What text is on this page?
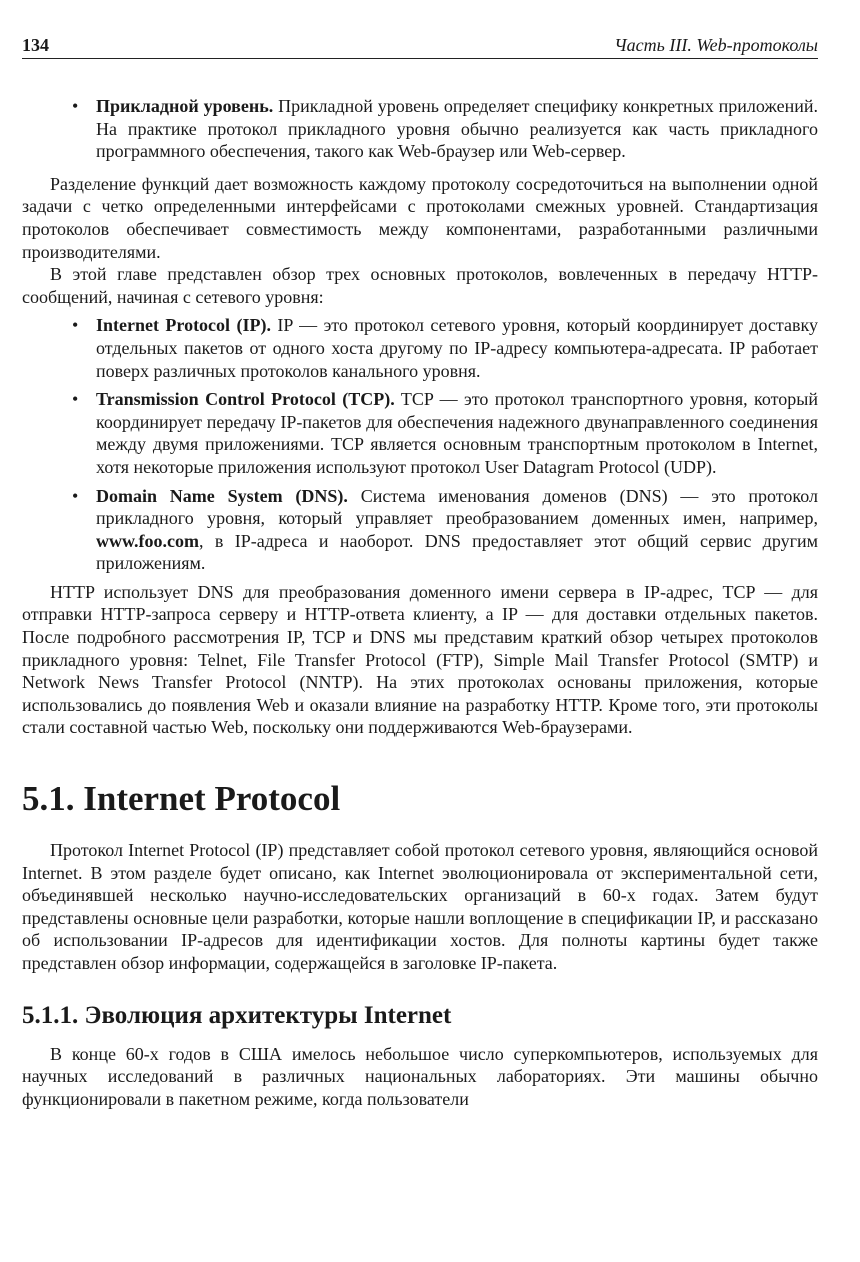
134	Часть III. Web-протоколы
• Прикладной уровень. Прикладной уровень определяет специфику конкретных приложений. На практике протокол прикладного уровня обычно реализуется как часть прикладного программного обеспечения, такого как Web-браузер или Web-сервер.

Разделение функций дает возможность каждому протоколу сосредоточиться на выполнении одной задачи с четко определенными интерфейсами с протоколами смежных уровней. Стандартизация протоколов обеспечивает совместимость между компонентами, разработанными различными производителями.

В этой главе представлен обзор трех основных протоколов, вовлеченных в передачу HTTP-сообщений, начиная с сетевого уровня:

• Internet Protocol (IP). IP — это протокол сетевого уровня, который координирует доставку отдельных пакетов от одного хоста другому по IP-адресу компьютера-адресата. IP работает поверх различных протоколов канального уровня.
• Transmission Control Protocol (TCP). TCP — это протокол транспортного уровня, который координирует передачу IP-пакетов для обеспечения надежного двунаправленного соединения между двумя приложениями. TCP является основным транспортным протоколом в Internet, хотя некоторые приложения используют протокол User Datagram Protocol (UDP).
• Domain Name System (DNS). Система именования доменов (DNS) — это протокол прикладного уровня, который управляет преобразованием доменных имен, например, www.foo.com, в IP-адреса и наоборот. DNS предоставляет этот общий сервис другим приложениям.

HTTP использует DNS для преобразования доменного имени сервера в IP-адрес, TCP — для отправки HTTP-запроса серверу и HTTP-ответа клиенту, а IP — для доставки отдельных пакетов. После подробного рассмотрения IP, TCP и DNS мы представим краткий обзор четырех протоколов прикладного уровня: Telnet, File Transfer Protocol (FTP), Simple Mail Transfer Protocol (SMTP) и Network News Transfer Protocol (NNTP). На этих протоколах основаны приложения, которые использовались до появления Web и оказали влияние на разработку HTTP. Кроме того, эти протоколы стали составной частью Web, поскольку они поддерживаются Web-браузерами.

5.1. Internet Protocol

Протокол Internet Protocol (IP) представляет собой протокол сетевого уровня, являющийся основой Internet. В этом разделе будет описано, как Internet эволюционировала от экспериментальной сети, объединявшей несколько научно-исследовательских организаций в 60-х годах. Затем будут представлены основные цели разработки, которые нашли воплощение в спецификации IP, и рассказано об использовании IP-адресов для идентификации хостов. Для полноты картины будет также представлен обзор информации, содержащейся в заголовке IP-пакета.

5.1.1. Эволюция архитектуры Internet

В конце 60-х годов в США имелось небольшое число суперкомпьютеров, используемых для научных исследований в различных национальных лабораториях. Эти машины обычно функционировали в пакетном режиме, когда пользователи
